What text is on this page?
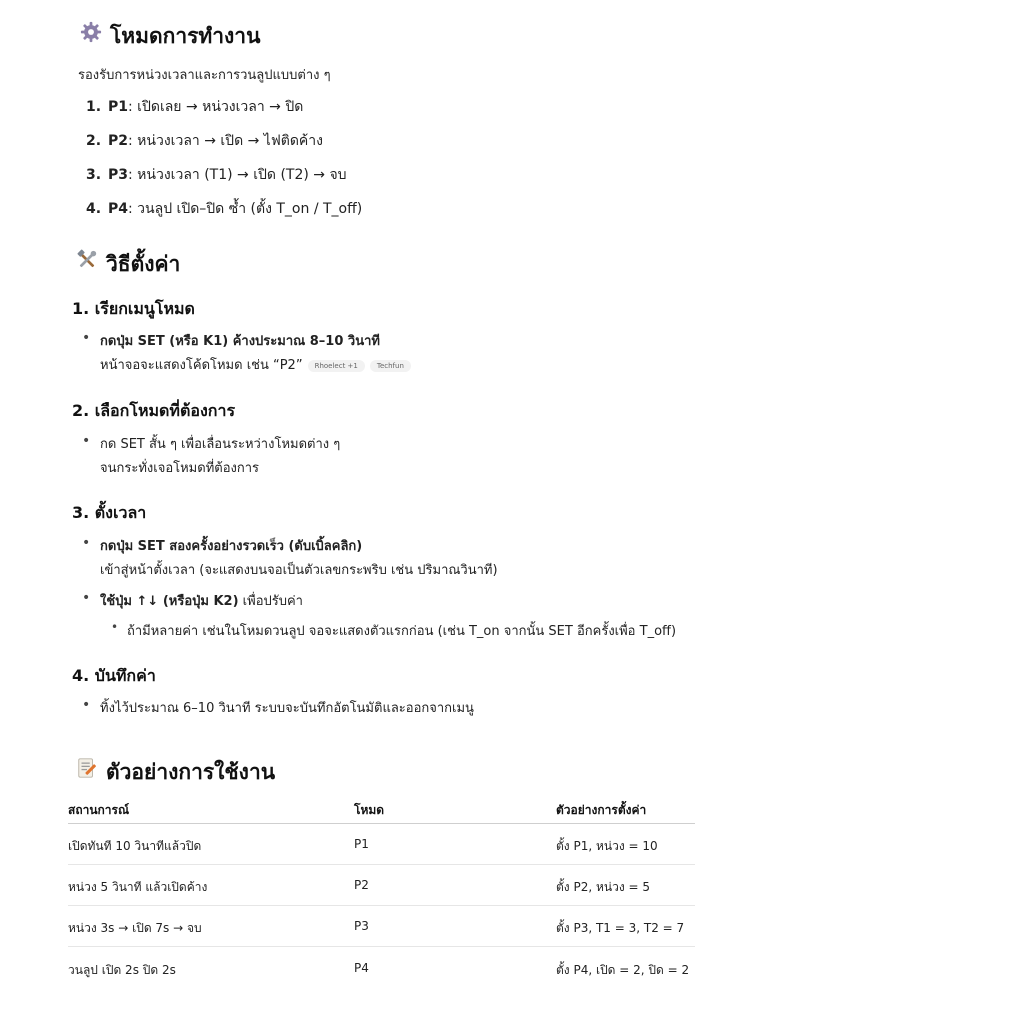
โหมดการทำงาน
รองรับการหน่วงเวลาและการวนลูปแบบต่าง ๆ
1. P1: เปิดเลย → หน่วงเวลา → ปิด
2. P2: หน่วงเวลา → เปิด → ไฟติดค้าง
3. P3: หน่วงเวลา (T1) → เปิด (T2) → จบ
4. P4: วนลูป เปิด–ปิด ซ้ำ (ตั้ง T_on / T_off)
วิธีตั้งค่า
1. เรียกเมนูโหมด
• กดปุ่ม SET (หรือ K1) ค้างประมาณ 8–10 วินาที
หน้าจอจะแสดงโค้ดโหมด เช่น “P2” Rhoelect +1	Techfun
2. เลือกโหมดที่ต้องการ
• กด SET สั้น ๆ เพื่อเลื่อนระหว่างโหมดต่าง ๆ
จนกระทั่งเจอโหมดที่ต้องการ
3. ตั้งเวลา
• กดปุ่ม SET สองครั้งอย่างรวดเร็ว (ดับเบิ้ลคลิก)
เข้าสู่หน้าตั้งเวลา (จะแสดงบนจอเป็นตัวเลขกระพริบ เช่น ปริมาณวินาที)
• ใช้ปุ่ม ↑↓ (หรือปุ่ม K2) เพื่อปรับค่า
• ถ้ามีหลายค่า เช่นในโหมดวนลูป จอจะแสดงตัวแรกก่อน (เช่น T_on จากนั้น SET อีกครั้งเพื่อ T_off)
4. บันทึกค่า
• ทิ้งไว้ประมาณ 6–10 วินาที ระบบจะบันทึกอัตโนมัติและออกจากเมนู
ตัวอย่างการใช้งาน
สถานการณ์	โหมด	ตัวอย่างการตั้งค่า
เปิดทันที 10 วินาทีแล้วปิด	P1	ตั้ง P1, หน่วง = 10
หน่วง 5 วินาที แล้วเปิดค้าง	P2	ตั้ง P2, หน่วง = 5
หน่วง 3s → เปิด 7s → จบ	P3	ตั้ง P3, T1 = 3, T2 = 7
วนลูป เปิด 2s ปิด 2s	P4	ตั้ง P4, เปิด = 2, ปิด = 2
